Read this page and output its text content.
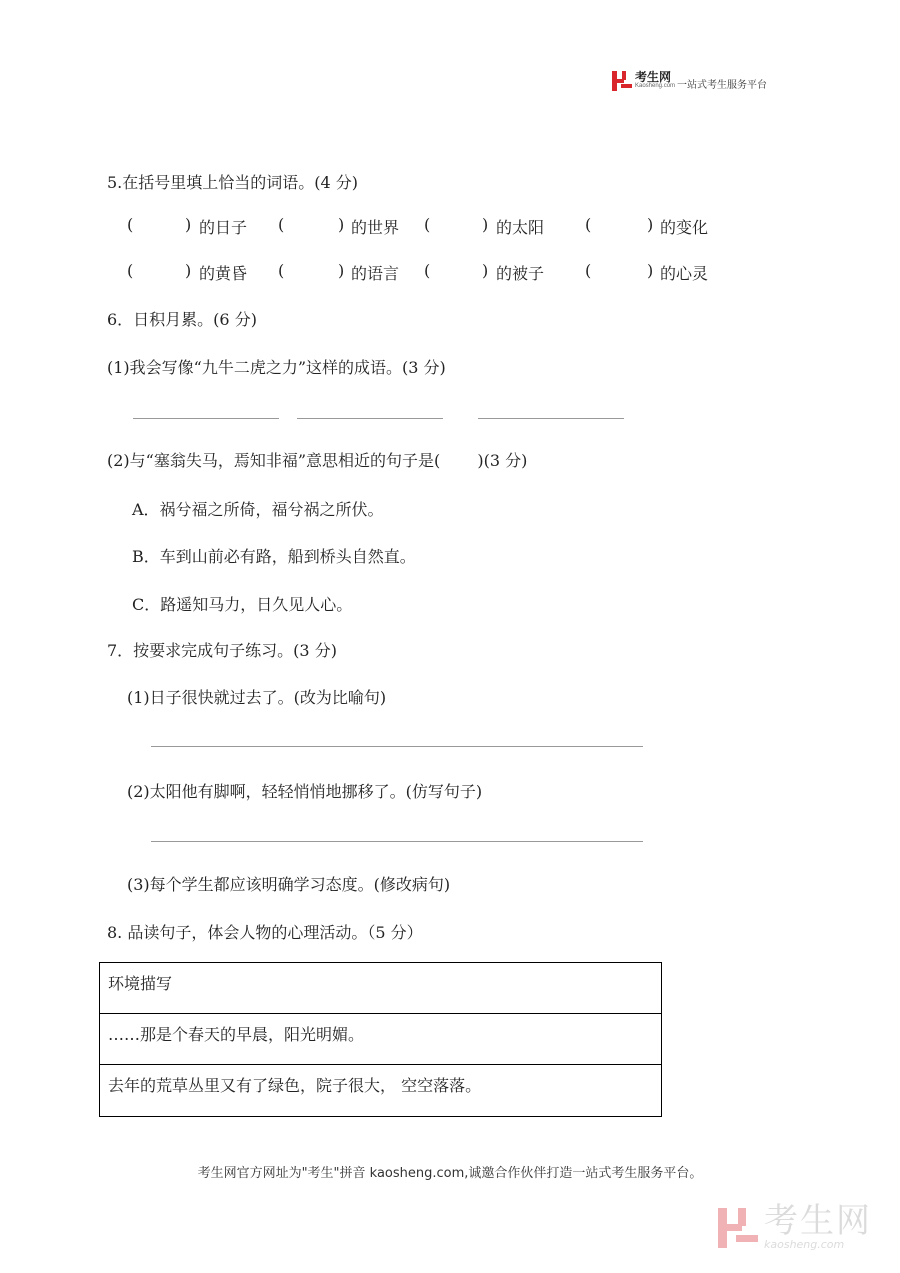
考生网
Kaosheng.com 一站式考生服务平台
5.在括号里填上恰当的词语。(4 分)
(	) 的日子 (	) 的世界 (	) 的太阳	(	) 的变化
(	) 的黄昏 (	) 的语言 (	) 的被子	(	) 的心灵
6．日积月累。(6 分)
(1)我会写像“九牛二虎之力”这样的成语。(3 分)
(2)与“塞翁失马，焉知非福”意思相近的句子是(　 　)(3 分)
A．祸兮福之所倚，福兮祸之所伏。
B．车到山前必有路，船到桥头自然直。
C．路遥知马力，日久见人心。
7．按要求完成句子练习。(3 分)
(1)日子很快就过去了。(改为比喻句)
(2)太阳他有脚啊，轻轻悄悄地挪移了。(仿写句子)
(3)每个学生都应该明确学习态度。(修改病句)
8. 品读句子，体会人物的心理活动。（5 分）
环境描写
……那是个春天的早晨，阳光明媚。
去年的荒草丛里又有了绿色，院子很大， 空空落落。
考生网官方网址为"考生"拼音 kaosheng.com,诚邀合作伙伴打造一站式考生服务平台。
考生网
kaosheng.com
